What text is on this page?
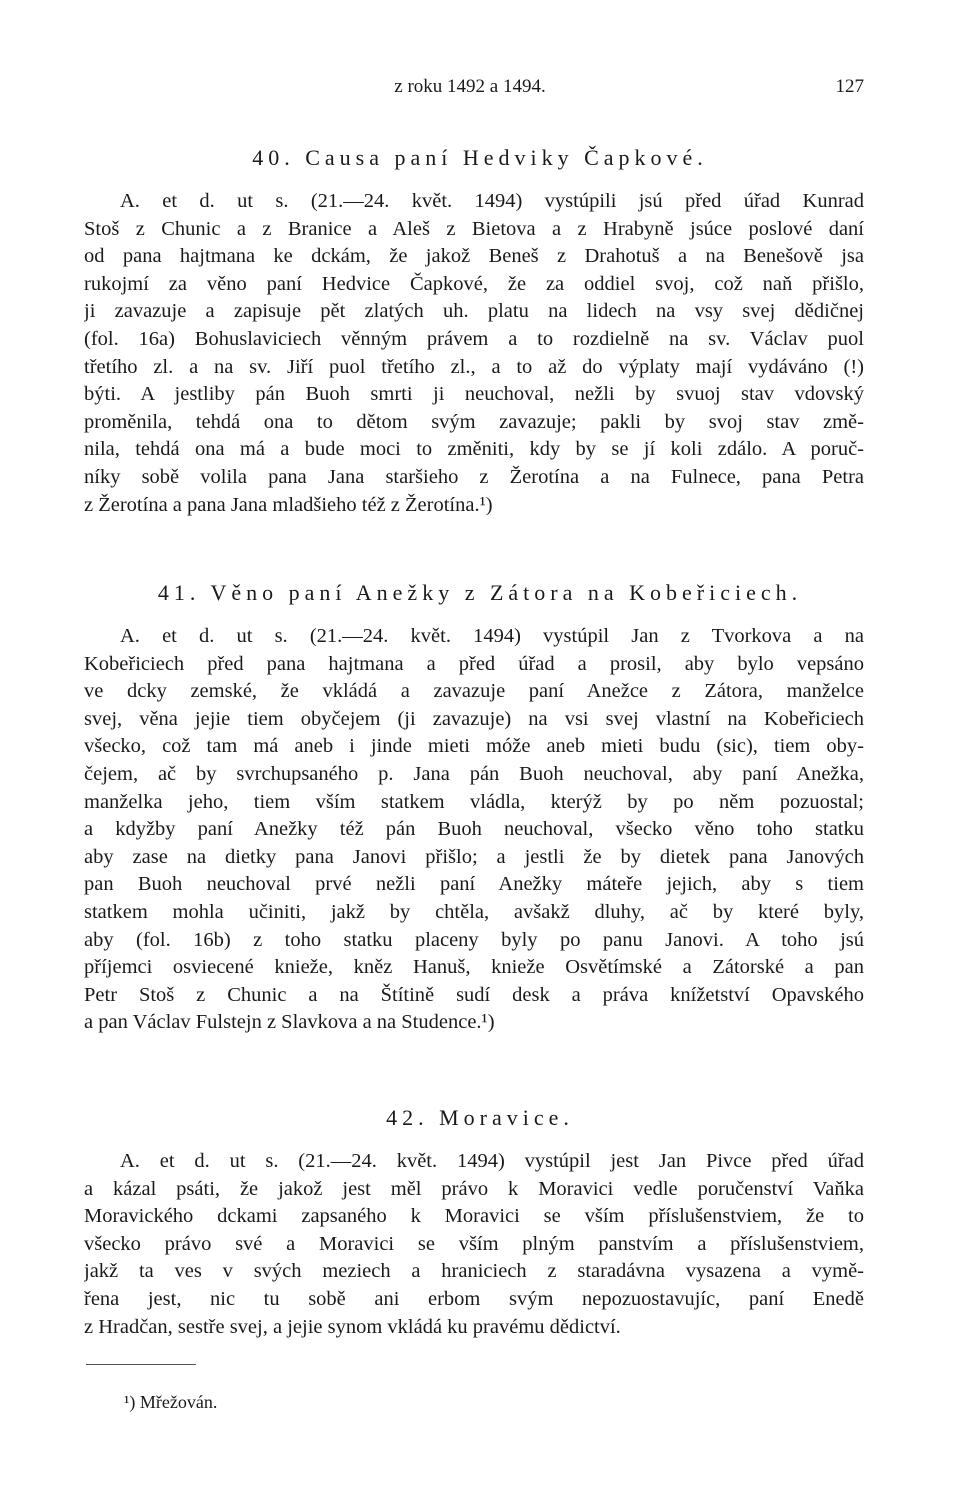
z roku 1492 a 1494.	127
40. Causa paní Hedviky Čapkové.
A. et d. ut s. (21.—24. květ. 1494) vystúpili jsú před úřad Kunrad
Stoš z Chunic a z Branice a Aleš z Bietova a z Hrabyně jsúce poslové daní
od pana hajtmana ke dckám, že jakož Beneš z Drahotuš a na Benešově jsa
rukojmí za věno paní Hedvice Čapkové, že za oddiel svoj, což naň přišlo,
ji zavazuje a zapisuje pět zlatých uh. platu na lidech na vsy svej dědičnej
(fol. 16a) Bohuslaviciech věnným právem a to rozdielně na sv. Václav puol
třetího zl. a na sv. Jiří puol třetího zl., a to až do výplaty mají vydáváno (!)
býti. A jestliby pán Buoh smrti ji neuchoval, nežli by svuoj stav vdovský
proměnila, tehdá ona to dětom svým zavazuje; pakli by svoj stav změ-
nila, tehdá ona má a bude moci to změniti, kdy by se jí koli zdálo. A poruč-
níky sobě volila pana Jana staršieho z Žerotína a na Fulnece, pana Petra
z Žerotína a pana Jana mladšieho též z Žerotína.¹)
41. Věno paní Anežky z Zátora na Kobeřiciech.
A. et d. ut s. (21.—24. květ. 1494) vystúpil Jan z Tvorkova a na
Kobeřiciech před pana hajtmana a před úřad a prosil, aby bylo vepsáno
ve dcky zemské, že vkládá a zavazuje paní Anežce z Zátora, manželce
svej, věna jejie tiem obyčejem (ji zavazuje) na vsi svej vlastní na Kobeřiciech
všecko, což tam má aneb i jinde mieti móže aneb mieti budu (sic), tiem oby-
čejem, ač by svrchupsaného p. Jana pán Buoh neuchoval, aby paní Anežka,
manželka jeho, tiem vším statkem vládla, kterýž by po něm pozuostal;
a kdyžby paní Anežky též pán Buoh neuchoval, všecko věno toho statku
aby zase na dietky pana Janovi přišlo; a jestli že by dietek pana Janových
pan Buoh neuchoval prvé nežli paní Anežky mátеře jejich, aby s tiem
statkem mohla učiniti, jakž by chtěla, avšakž dluhy, ač by které byly,
aby (fol. 16b) z toho statku placeny byly po panu Janovi. A toho jsú
příjemci osviecené knieže, kněz Hanuš, knieže Osvětímské a Zátorské a pan
Petr Stoš z Chunic a na Štítině sudí desk a práva knížetství Opavského
a pan Václav Fulstejn z Slavkova a na Studence.¹)
42. Moravice.
A. et d. ut s. (21.—24. květ. 1494) vystúpil jest Jan Pivce před úřad
a kázal psáti, že jakož jest měl právo k Moravici vedle poručenství Vaňka
Moravického dckami zapsaného k Moravici se vším příslušenstviem, že to
všecko právo své a Moravici se vším plným panstvím a příslušenstviem,
jakž ta ves v svých meziech a hraniciech z staradávna vysazena a vymě-
řena jest, nic tu sobě ani erbom svým nepozuostavujíc, paní Enedě
z Hradčan, sestře svej, a jejie synom vkládá ku pravému dědictví.
¹) Mřežován.
